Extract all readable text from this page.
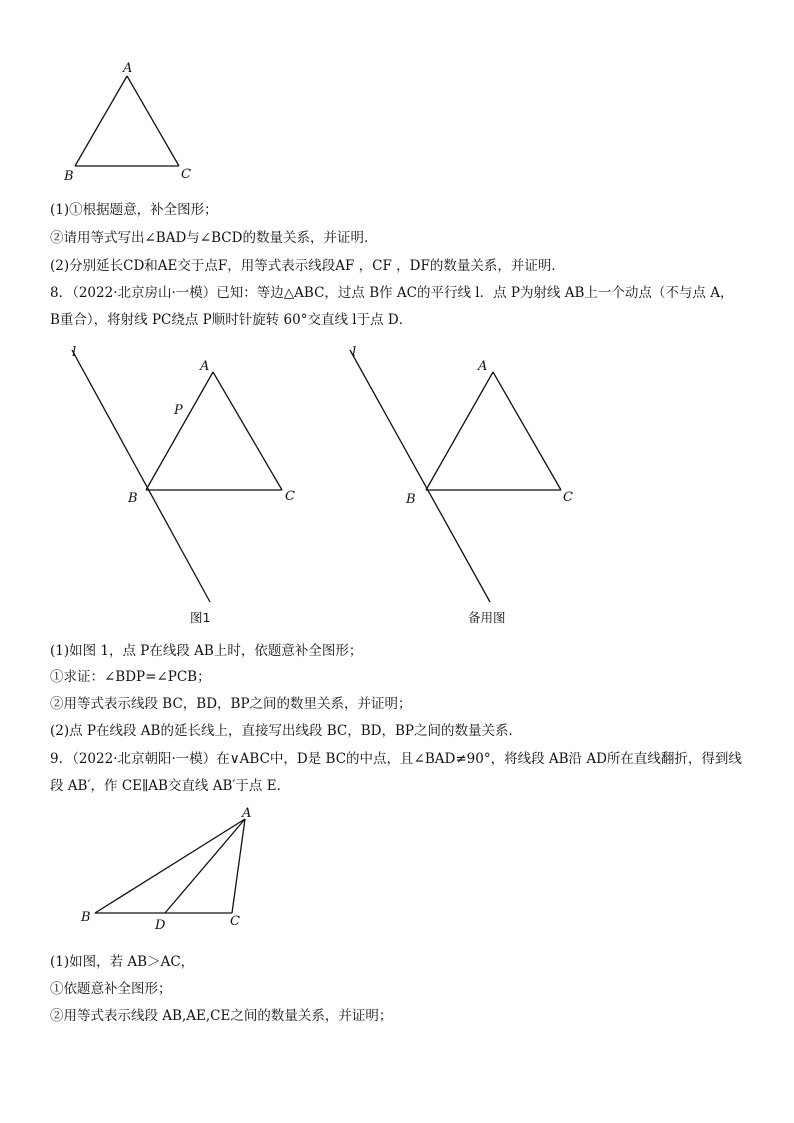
A
B	C
(1)①根据题意，补全图形；
②请用等式写出∠BAD与∠BCD的数量关系，并证明．
(2)分别延长CD和AE交于点F，用等式表示线段AF ，CF ，DF的数量关系，并证明．
8．（2022·北京房山·一模）已知：等边△ABC，过点 B作 AC的平行线 l．点 P为射线 AB上一个动点（不与点 A，
B重合），将射线 PC绕点 P顺时针旋转 60°交直线 l于点 D．
l
A
P
B	C
图1
l
A
B	C
备用图
(1)如图 1，点 P在线段 AB上时，依题意补全图形；
①求证：∠BDP=∠PCB；
②用等式表示线段 BC，BD，BP之间的数里关系，并证明；
(2)点 P在线段 AB的延长线上，直接写出线段 BC，BD，BP之间的数量关系．
9．（2022·北京朝阳·一模）在∨ABC中，D是 BC的中点，且∠BAD≠90°，将线段 AB沿 AD所在直线翻折，得到线
段 AB′，作 CE∥AB交直线 AB′于点 E．
A
B
D	C
(1)如图，若 AB＞AC，
①依题意补全图形；
②用等式表示线段 AB,AE,CE之间的数量关系，并证明；
